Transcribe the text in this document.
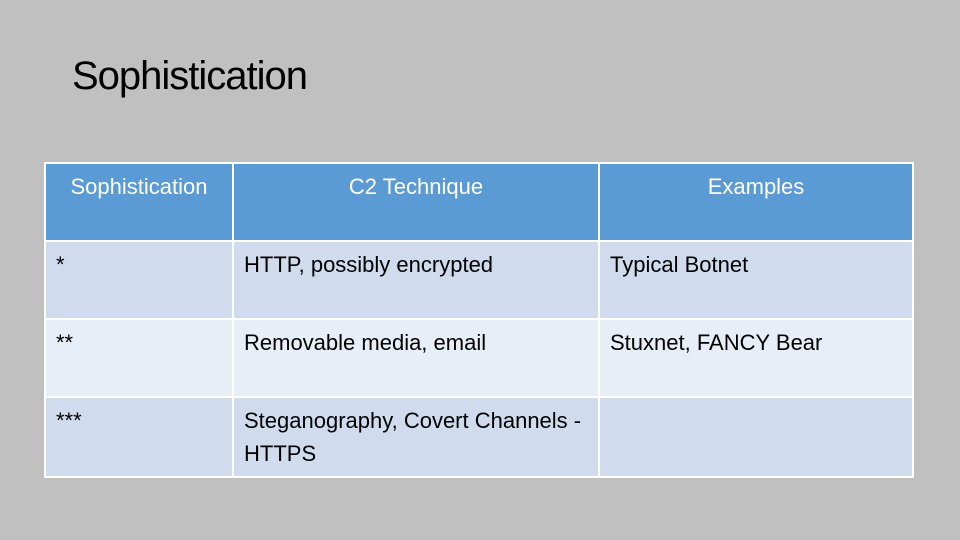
Sophistication
Sophistication	C2 Technique	Examples
*	HTTP, possibly encrypted	Typical Botnet
**	Removable media, email	Stuxnet, FANCY Bear
***	Steganography, Covert Channels - HTTPS	
